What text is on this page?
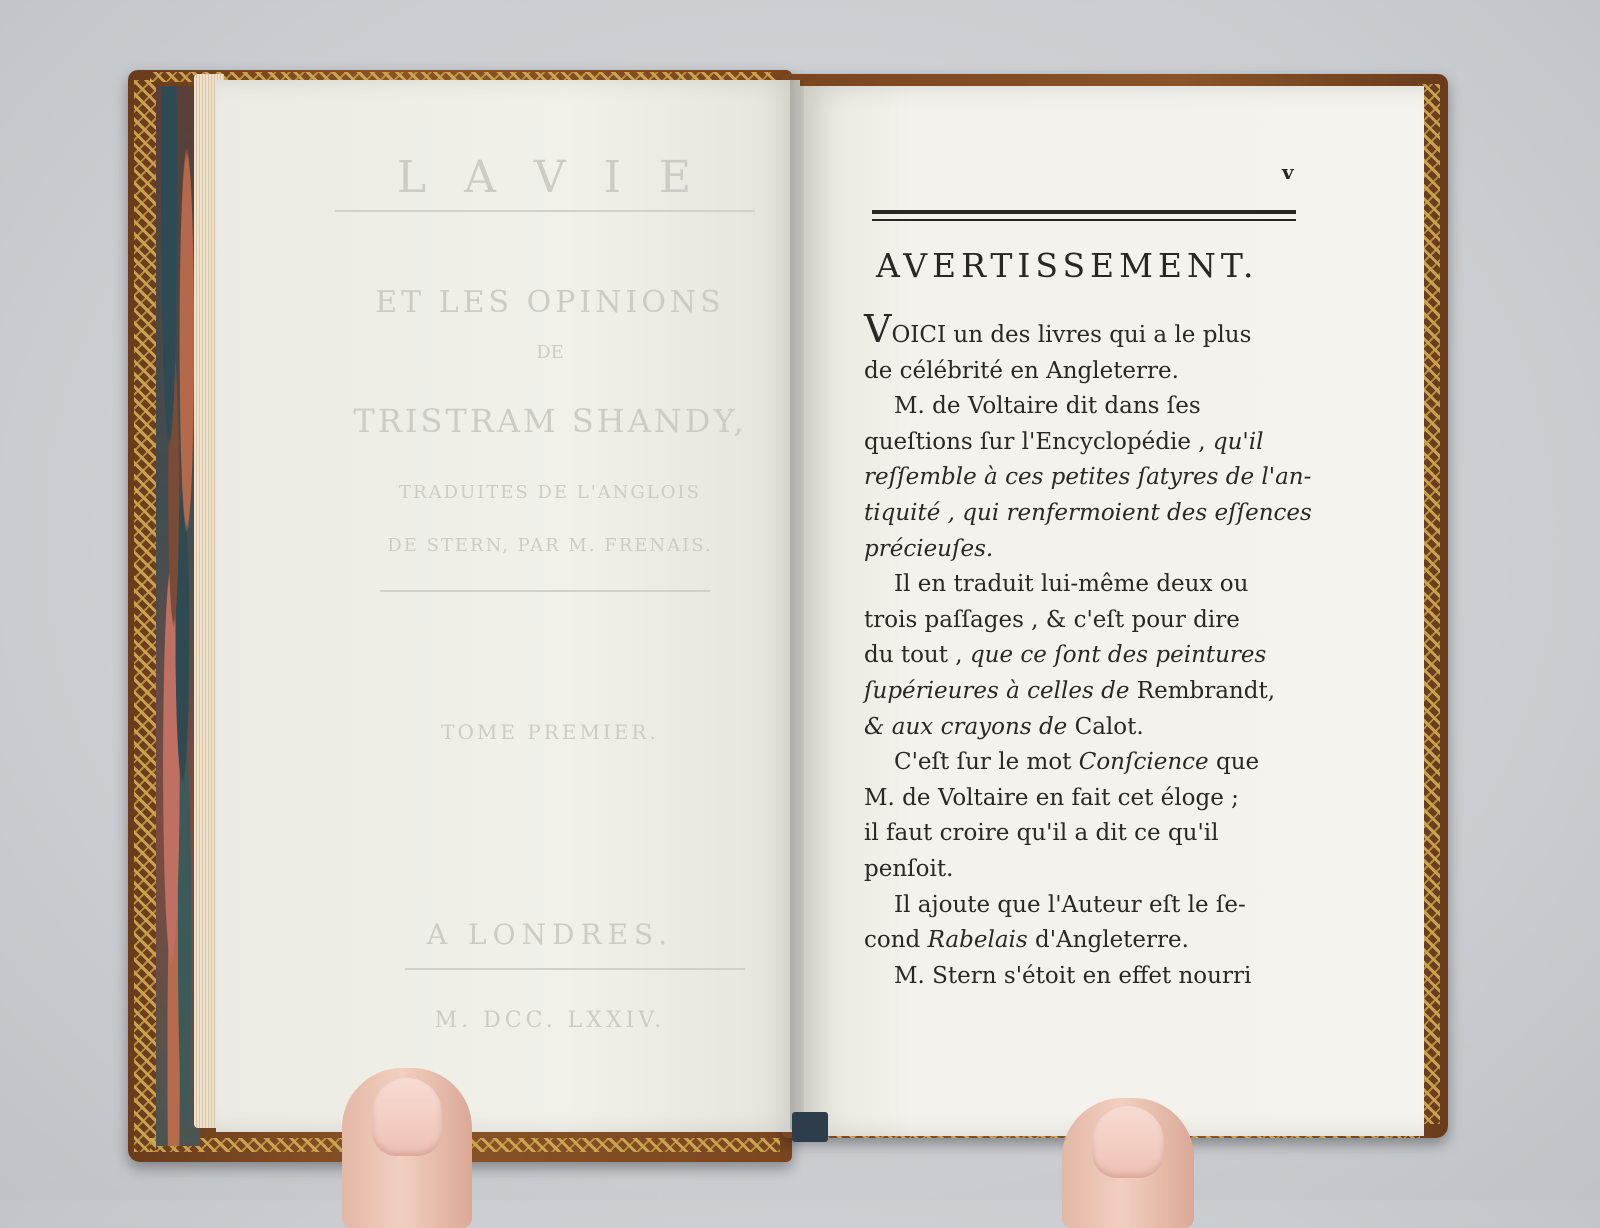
L A V I E
ET LES OPINIONS
DE
TRISTRAM SHANDY,
TRADUITES DE L'ANGLOIS
DE STERN, PAR M. FRENAIS.
TOME PREMIER.
A LONDRES.
M. DCC. LXXIV.
v
AVERTISSEMENT.
VOICI un des livres qui a le plus
de célébrité en Angleterre.
M. de Voltaire dit dans ſes
queſtions ſur l'Encyclopédie , qu'il
reſſemble à ces petites ſatyres de l'an-
tiquité , qui renfermoient des eſſences
précieuſes.
Il en traduit lui-même deux ou
trois paſſages , & c'eſt pour dire
du tout , que ce ſont des peintures
ſupérieures à celles de Rembrandt,
& aux crayons de Calot.
C'eſt ſur le mot Conſcience que
M. de Voltaire en fait cet éloge ;
il faut croire qu'il a dit ce qu'il
penſoit.
Il ajoute que l'Auteur eſt le ſe-
cond Rabelais d'Angleterre.
M. Stern s'étoit en effet nourri
